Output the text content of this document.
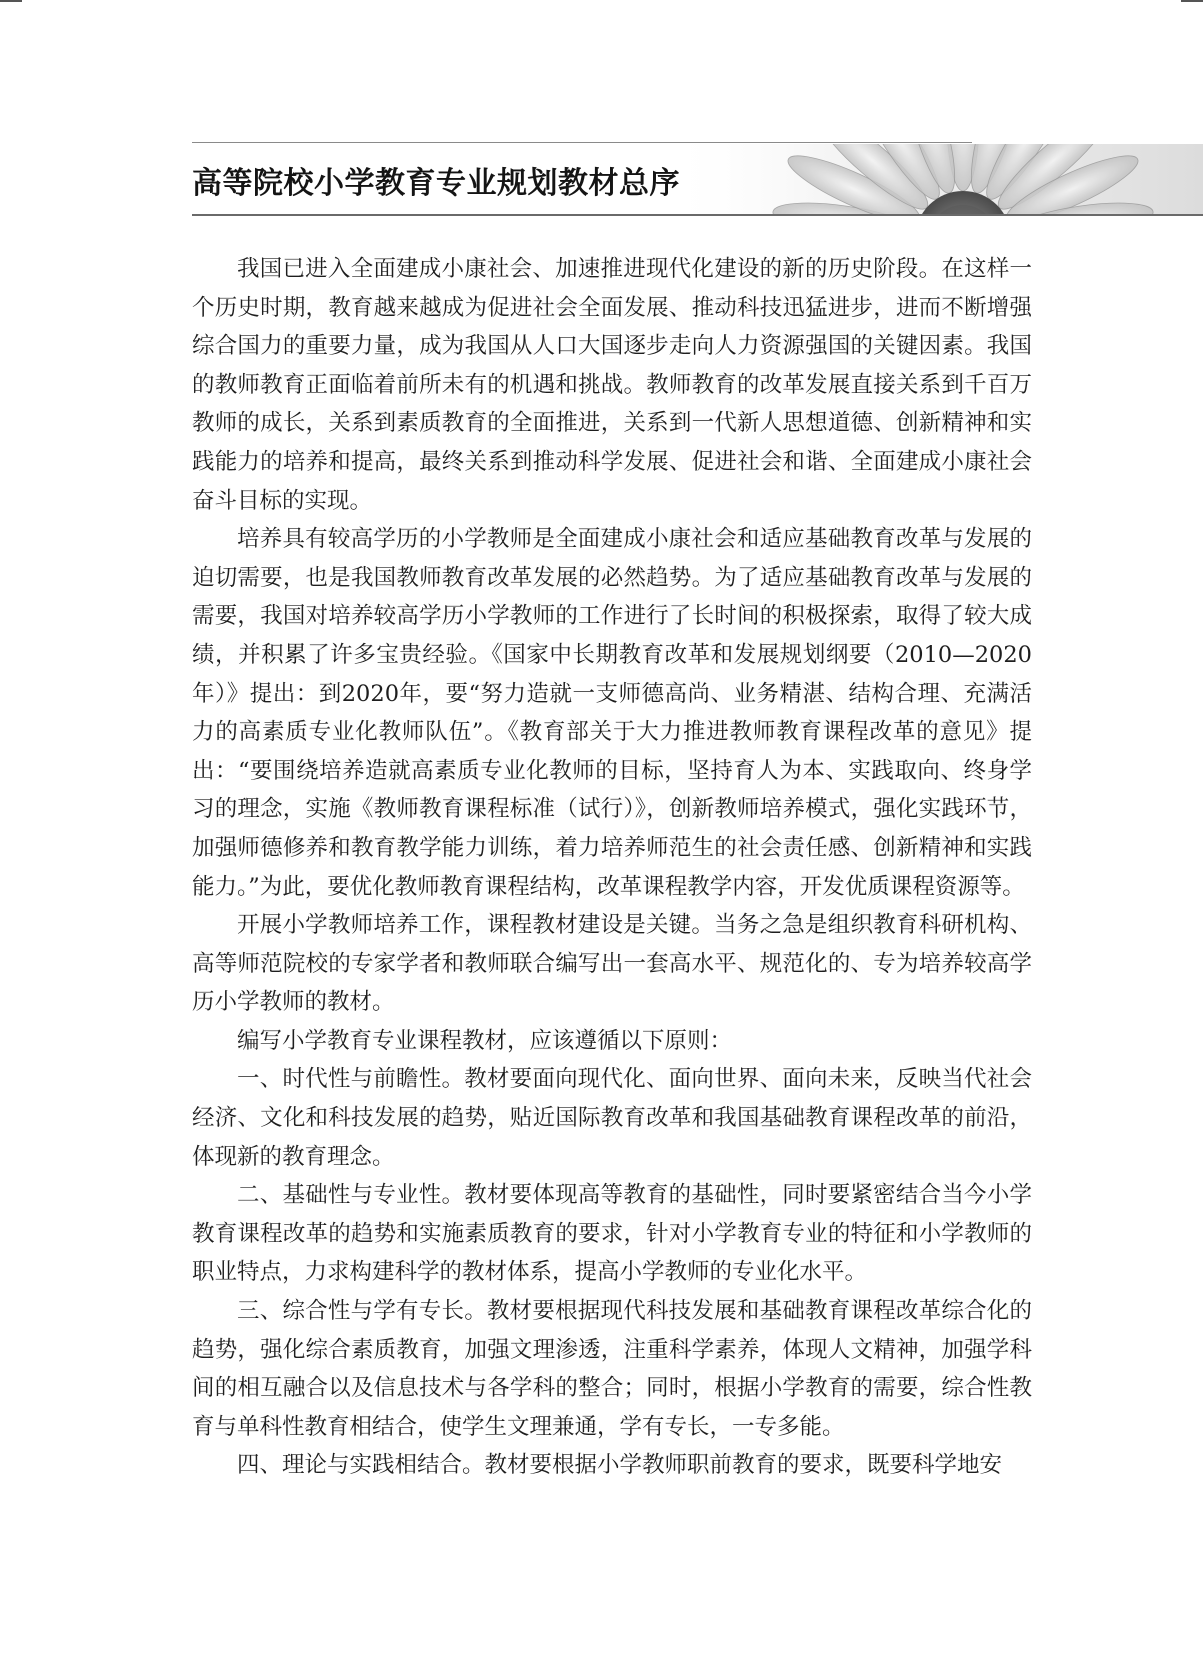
高等院校小学教育专业规划教材总序

我国已进入全面建成小康社会、加速推进现代化建设的新的历史阶段。在这样一个历史时期，教育越来越成为促进社会全面发展、推动科技迅猛进步，进而不断增强综合国力的重要力量，成为我国从人口大国逐步走向人力资源强国的关键因素。我国的教师教育正面临着前所未有的机遇和挑战。教师教育的改革发展直接关系到千百万教师的成长，关系到素质教育的全面推进，关系到一代新人思想道德、创新精神和实践能力的培养和提高，最终关系到推动科学发展、促进社会和谐、全面建成小康社会奋斗目标的实现。

培养具有较高学历的小学教师是全面建成小康社会和适应基础教育改革与发展的迫切需要，也是我国教师教育改革发展的必然趋势。为了适应基础教育改革与发展的需要，我国对培养较高学历小学教师的工作进行了长时间的积极探索，取得了较大成绩，并积累了许多宝贵经验。《国家中长期教育改革和发展规划纲要（2010—2020年）》提出：到2020年，要“努力造就一支师德高尚、业务精湛、结构合理、充满活力的高素质专业化教师队伍”。《教育部关于大力推进教师教育课程改革的意见》提出：“要围绕培养造就高素质专业化教师的目标，坚持育人为本、实践取向、终身学习的理念，实施《教师教育课程标准（试行）》，创新教师培养模式，强化实践环节，加强师德修养和教育教学能力训练，着力培养师范生的社会责任感、创新精神和实践能力。”为此，要优化教师教育课程结构，改革课程教学内容，开发优质课程资源等。

开展小学教师培养工作，课程教材建设是关键。当务之急是组织教育科研机构、高等师范院校的专家学者和教师联合编写出一套高水平、规范化的、专为培养较高学历小学教师的教材。

编写小学教育专业课程教材，应该遵循以下原则：

一、时代性与前瞻性。教材要面向现代化、面向世界、面向未来，反映当代社会经济、文化和科技发展的趋势，贴近国际教育改革和我国基础教育课程改革的前沿，体现新的教育理念。

二、基础性与专业性。教材要体现高等教育的基础性，同时要紧密结合当今小学教育课程改革的趋势和实施素质教育的要求，针对小学教育专业的特征和小学教师的职业特点，力求构建科学的教材体系，提高小学教师的专业化水平。

三、综合性与学有专长。教材要根据现代科技发展和基础教育课程改革综合化的趋势，强化综合素质教育，加强文理渗透，注重科学素养，体现人文精神，加强学科间的相互融合以及信息技术与各学科的整合；同时，根据小学教育的需要，综合性教育与单科性教育相结合，使学生文理兼通，学有专长，一专多能。

四、理论与实践相结合。教材要根据小学教师职前教育的要求，既要科学地安
